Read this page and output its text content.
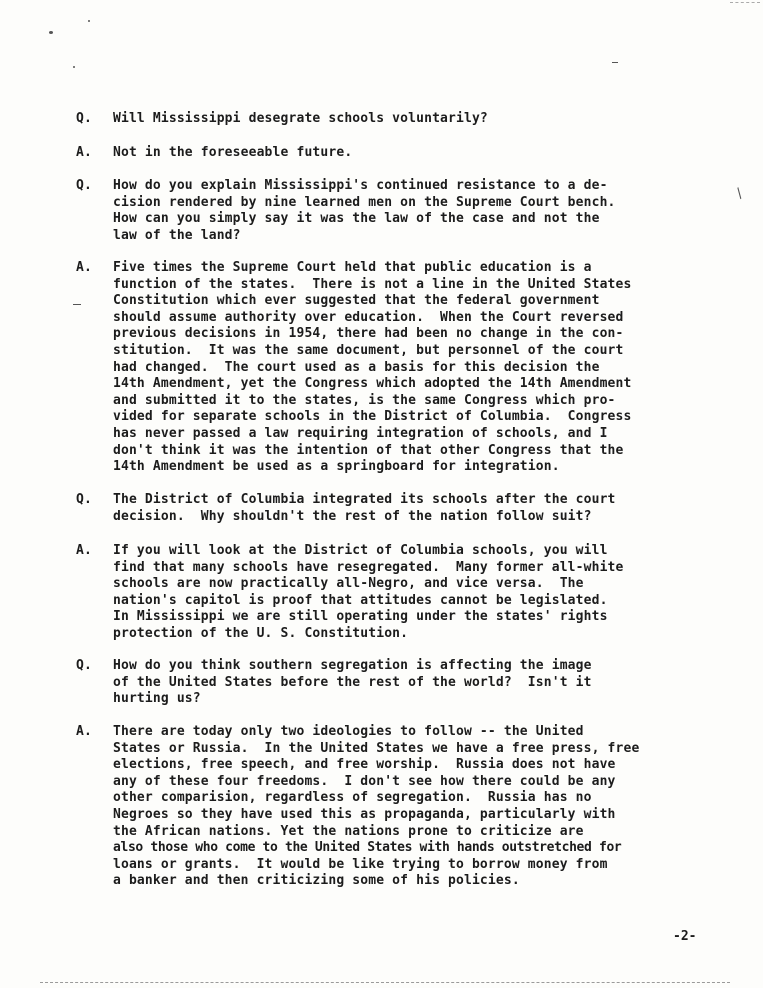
/
Q. Will Mississippi desegrate schools voluntarily?
A. Not in the foreseeable future.
Q. How do you explain Mississippi's continued resistance to a de-
cision rendered by nine learned men on the Supreme Court bench.
How can you simply say it was the law of the case and not the
law of the land?
A. Five times the Supreme Court held that public education is a
function of the states.  There is not a line in the United States
Constitution which ever suggested that the federal government
should assume authority over education.  When the Court reversed
previous decisions in 1954, there had been no change in the con-
stitution.  It was the same document, but personnel of the court
had changed.  The court used as a basis for this decision the
14th Amendment, yet the Congress which adopted the 14th Amendment
and submitted it to the states, is the same Congress which pro-
vided for separate schools in the District of Columbia.  Congress
has never passed a law requiring integration of schools, and I
don't think it was the intention of that other Congress that the
14th Amendment be used as a springboard for integration.
Q. The District of Columbia integrated its schools after the court
decision.  Why shouldn't the rest of the nation follow suit?
A. If you will look at the District of Columbia schools, you will
find that many schools have resegregated.  Many former all-white
schools are now practically all-Negro, and vice versa.  The
nation's capitol is proof that attitudes cannot be legislated.
In Mississippi we are still operating under the states' rights
protection of the U. S. Constitution.
Q. How do you think southern segregation is affecting the image
of the United States before the rest of the world?  Isn't it
hurting us?
A. There are today only two ideologies to follow -- the United
States or Russia.  In the United States we have a free press, free
elections, free speech, and free worship.  Russia does not have
any of these four freedoms.  I don't see how there could be any
other comparision, regardless of segregation.  Russia has no
Negroes so they have used this as propaganda, particularly with
the African nations. Yet the nations prone to criticize are
also those who come to the United States with hands outstretched for
loans or grants.  It would be like trying to borrow money from
a banker and then criticizing some of his policies.
-2-
